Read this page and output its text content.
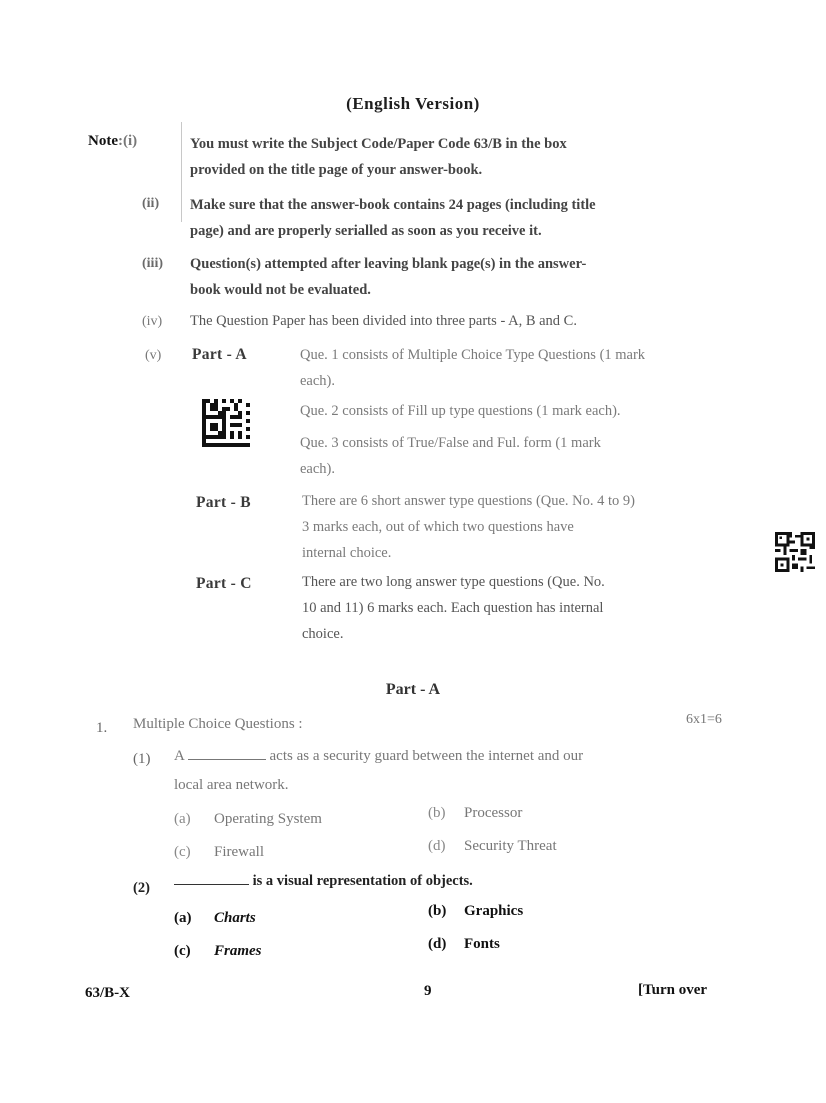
(English Version)
Note:(i)	You must write the Subject Code/Paper Code 63/B in the box
provided on the title page of your answer-book.
(ii) Make sure that the answer-book contains 24 pages (including title
page) and are properly serialled as soon as you receive it.
(iii) Question(s) attempted after leaving blank page(s) in the answer-
book would not be evaluated.
(iv) The Question Paper has been divided into three parts - A, B and C.
(v) Part - A	Que. 1 consists of Multiple Choice Type Questions (1 mark
each).
Que. 2 consists of Fill up type questions (1 mark each).
Que. 3 consists of True/False and Ful. form (1 mark
each).
Part - B	There are 6 short answer type questions (Que. No. 4 to 9)
3 marks each, out of which two questions have
internal choice.
Part - C	There are two long answer type questions (Que. No.
10 and 11) 6 marks each. Each question has internal
choice.
Part - A
1. Multiple Choice Questions :	6x1=6
(1) A	acts as a security guard between the internet and our
local area network.
(a) Operating System	(b) Processor
(c) Firewall	(d) Security Threat
(2)	is a visual representation of objects.
(a) Charts	(b) Graphics
(c) Frames	(d) Fonts
63/B-X	9	[Turn over
